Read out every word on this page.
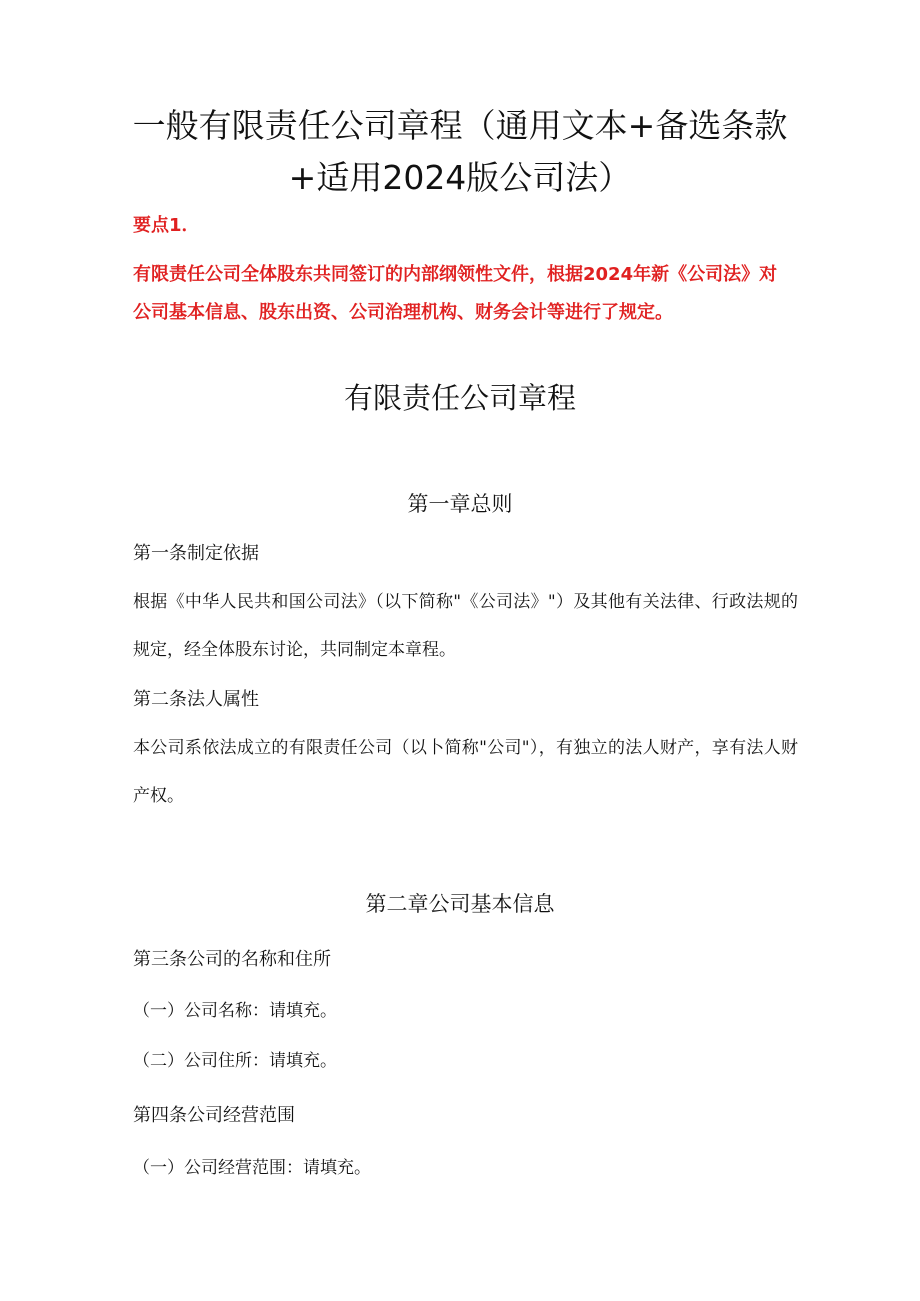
一般有限责任公司章程（通用文本+备选条款+适用2024版公司法）
要点1．

有限责任公司全体股东共同签订的内部纲领性文件，根据2024年新《公司法》对公司基本信息、股东出资、公司治理机构、财务会计等进行了规定。

有限责任公司章程
第一章总则
第一条制定依据

根据《中华人民共和国公司法》（以下简称"《公司法》"）及其他有关法律、行政法规的规定，经全体股东讨论，共同制定本章程。

第二条法人属性

本公司系依法成立的有限责任公司（以卜简称"公司"），有独立的法人财产，享有法人财产权。

第二章公司基本信息
第三条公司的名称和住所
（一）公司名称：请填充。
（二）公司住所：请填充。
第四条公司经营范围
（一）公司经营范围：请填充。
